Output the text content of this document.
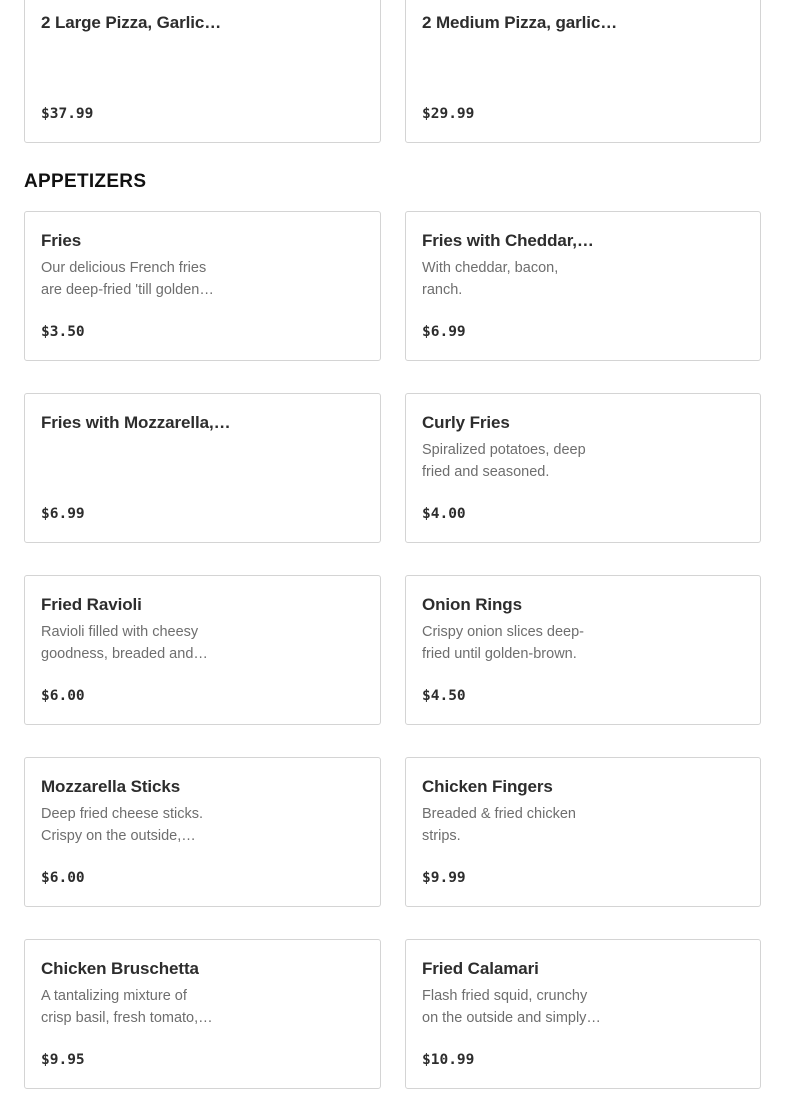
2 Large Pizza, Garlic…
$37.99
2 Medium Pizza, garlic…
$29.99
APPETIZERS
Fries
Our delicious French fries are deep-fried 'till golden…
$3.50
Fries with Cheddar,…
With cheddar, bacon, ranch.
$6.99
Fries with Mozzarella,…
$6.99
Curly Fries
Spiralized potatoes, deep fried and seasoned.
$4.00
Fried Ravioli
Ravioli filled with cheesy goodness, breaded and…
$6.00
Onion Rings
Crispy onion slices deep-fried until golden-brown.
$4.50
Mozzarella Sticks
Deep fried cheese sticks. Crispy on the outside,…
$6.00
Chicken Fingers
Breaded & fried chicken strips.
$9.99
Chicken Bruschetta
A tantalizing mixture of crisp basil, fresh tomato,…
$9.95
Fried Calamari
Flash fried squid, crunchy on the outside and simply…
$10.99
